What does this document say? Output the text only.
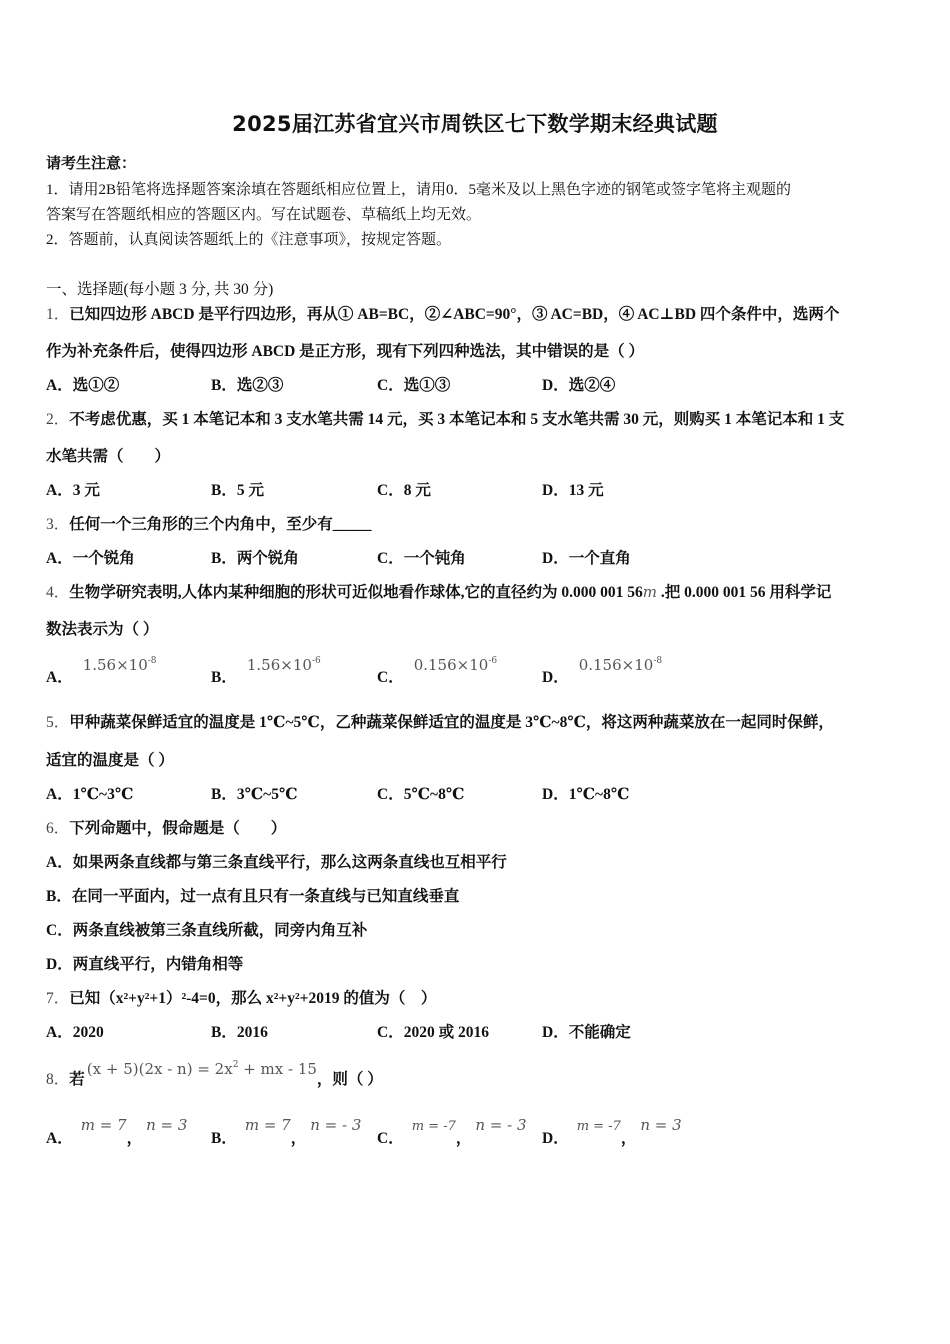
2025届江苏省宜兴市周铁区七下数学期末经典试题
请考生注意：
1．请用2B铅笔将选择题答案涂填在答题纸相应位置上，请用0．5毫米及以上黑色字迹的钢笔或签字笔将主观题的
答案写在答题纸相应的答题区内。写在试题卷、草稿纸上均无效。
2．答题前，认真阅读答题纸上的《注意事项》，按规定答题。
一、选择题(每小题 3 分, 共 30 分)
1．已知四边形 ABCD 是平行四边形，再从① AB=BC，②∠ABC=90°，③ AC=BD，④ AC⊥BD 四个条件中，选两个
作为补充条件后，使得四边形 ABCD 是正方形，现有下列四种选法，其中错误的是（ ）
A．选①②	B．选②③	C．选①③	D．选②④
2．不考虑优惠，买 1 本笔记本和 3 支水笔共需 14 元，买 3 本笔记本和 5 支水笔共需 30 元，则购买 1 本笔记本和 1 支
水笔共需（　　）
A．3 元	B．5 元	C．8 元	D．13 元
3．任何一个三角形的三个内角中，至少有_____
A．一个锐角	B．两个锐角	C．一个钝角	D．一个直角
4．生物学研究表明,人体内某种细胞的形状可近似地看作球体,它的直径约为 0.000 001 56m .把 0.000 001 56 用科学记
数法表示为（ ）
A．$1.56\times 10^{-8}$
B．$1.56\times 10^{-6}$
C．$0.156\times 10^{-6}$
D．$0.156\times 10^{-8}$
5．甲种蔬菜保鲜适宜的温度是 1℃~5℃，乙种蔬菜保鲜适宜的温度是 3℃~8℃，将这两种蔬菜放在一起同时保鲜，
适宜的温度是（ ）
A．1℃~3℃	B．3℃~5℃	C．5℃~8℃	D．1℃~8℃
6．下列命题中，假命题是（　　）
A．如果两条直线都与第三条直线平行，那么这两条直线也互相平行
B．在同一平面内，过一点有且只有一条直线与已知直线垂直
C．两条直线被第三条直线所截，同旁内角互补
D．两直线平行，内错角相等
7．已知（x²+y²+1）²-4=0，那么 x²+y²+2019 的值为（　）
A．2020	B．2016	C．2020 或 2016	D．不能确定
8．若$(x + 5)(2x - n) = 2x^2$ + mx - 15，则（ ）
A．m = 7，n = 3
B．m = 7，n = - 3
C．$^{m = -7}$，n = - 3
D．$^{m = -7}$，n = 3
